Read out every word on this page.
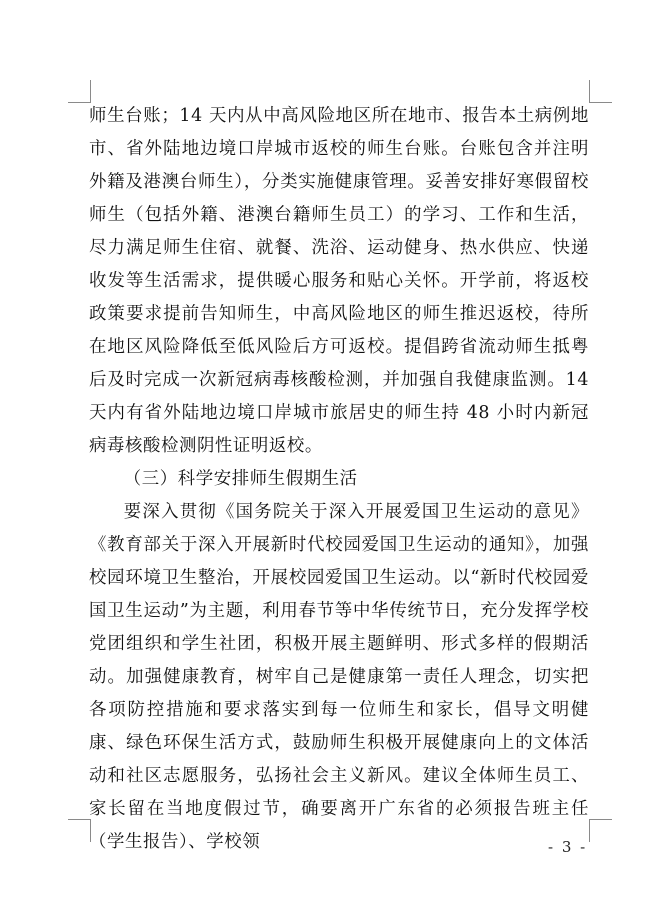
师生台账；14 天内从中高风险地区所在地市、报告本土病例地市、省外陆地边境口岸城市返校的师生台账。台账包含并注明外籍及港澳台师生），分类实施健康管理。妥善安排好寒假留校师生（包括外籍、港澳台籍师生员工）的学习、工作和生活，尽力满足师生住宿、就餐、洗浴、运动健身、热水供应、快递收发等生活需求，提供暖心服务和贴心关怀。开学前，将返校政策要求提前告知师生，中高风险地区的师生推迟返校，待所在地区风险降低至低风险后方可返校。提倡跨省流动师生抵粤后及时完成一次新冠病毒核酸检测，并加强自我健康监测。14 天内有省外陆地边境口岸城市旅居史的师生持 48 小时内新冠病毒核酸检测阴性证明返校。

（三）科学安排师生假期生活

要深入贯彻《国务院关于深入开展爱国卫生运动的意见》《教育部关于深入开展新时代校园爱国卫生运动的通知》，加强校园环境卫生整治，开展校园爱国卫生运动。以“新时代校园爱国卫生运动”为主题，利用春节等中华传统节日，充分发挥学校党团组织和学生社团，积极开展主题鲜明、形式多样的假期活动。加强健康教育，树牢自己是健康第一责任人理念，切实把各项防控措施和要求落实到每一位师生和家长，倡导文明健康、绿色环保生活方式，鼓励师生积极开展健康向上的文体活动和社区志愿服务，弘扬社会主义新风。建议全体师生员工、家长留在当地度假过节，确要离开广东省的必须报告班主任（学生报告）、学校领	- 3 -
